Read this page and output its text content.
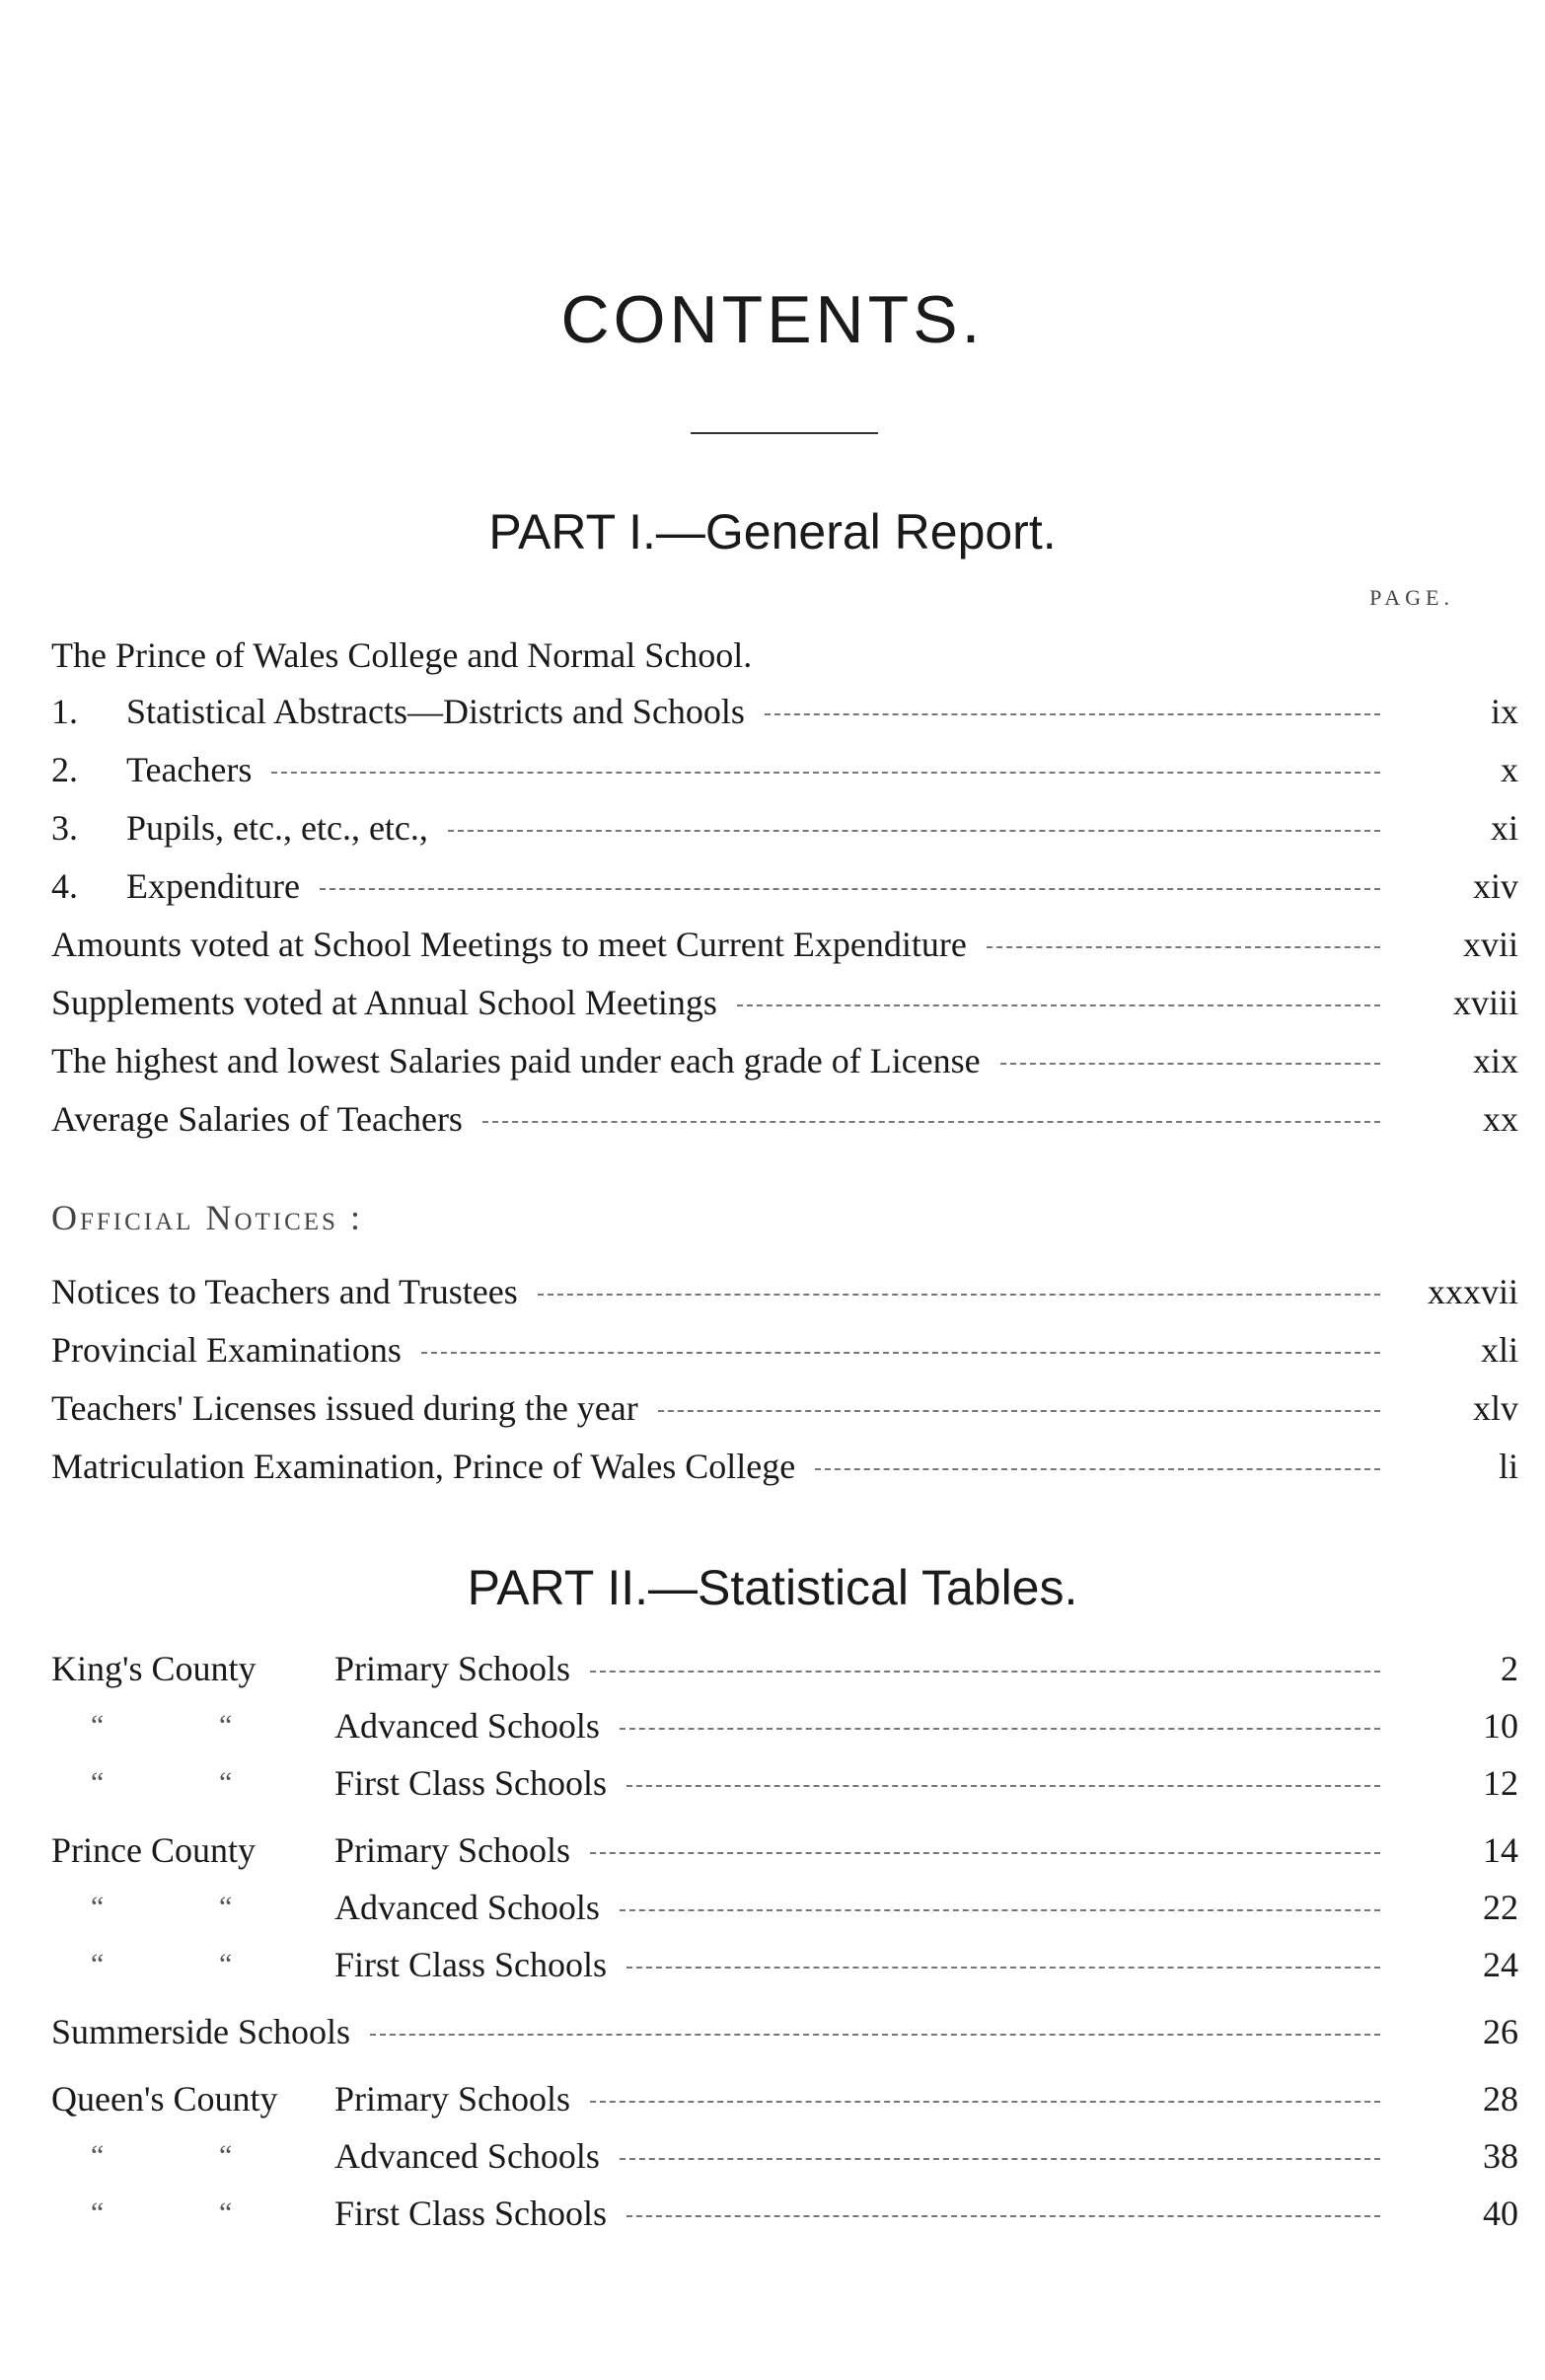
CONTENTS.
PART I.—General Report.
PAGE.
The Prince of Wales College and Normal School.
1.	Statistical Abstracts—Districts and Schools	ix
2.	Teachers	x
3.	Pupils, etc., etc., etc.,	xi
4.	Expenditure	xiv
Amounts voted at School Meetings to meet Current Expenditure	xvii
Supplements voted at Annual School Meetings	xviii
The highest and lowest Salaries paid under each grade of License	xix
Average Salaries of Teachers	xx
Official Notices :
Notices to Teachers and Trustees	xxxvii
Provincial Examinations	xli
Teachers' Licenses issued during the year	xlv
Matriculation Examination, Prince of Wales College	li
PART II.—Statistical Tables.
King's County	Primary Schools	2
“	“	Advanced Schools	10
“	“	First Class Schools	12
Prince County	Primary Schools	14
“	“	Advanced Schools	22
“	“	First Class Schools	24
Summerside Schools	26
Queen's County	Primary Schools	28
“	“	Advanced Schools	38
“	“	First Class Schools	40
